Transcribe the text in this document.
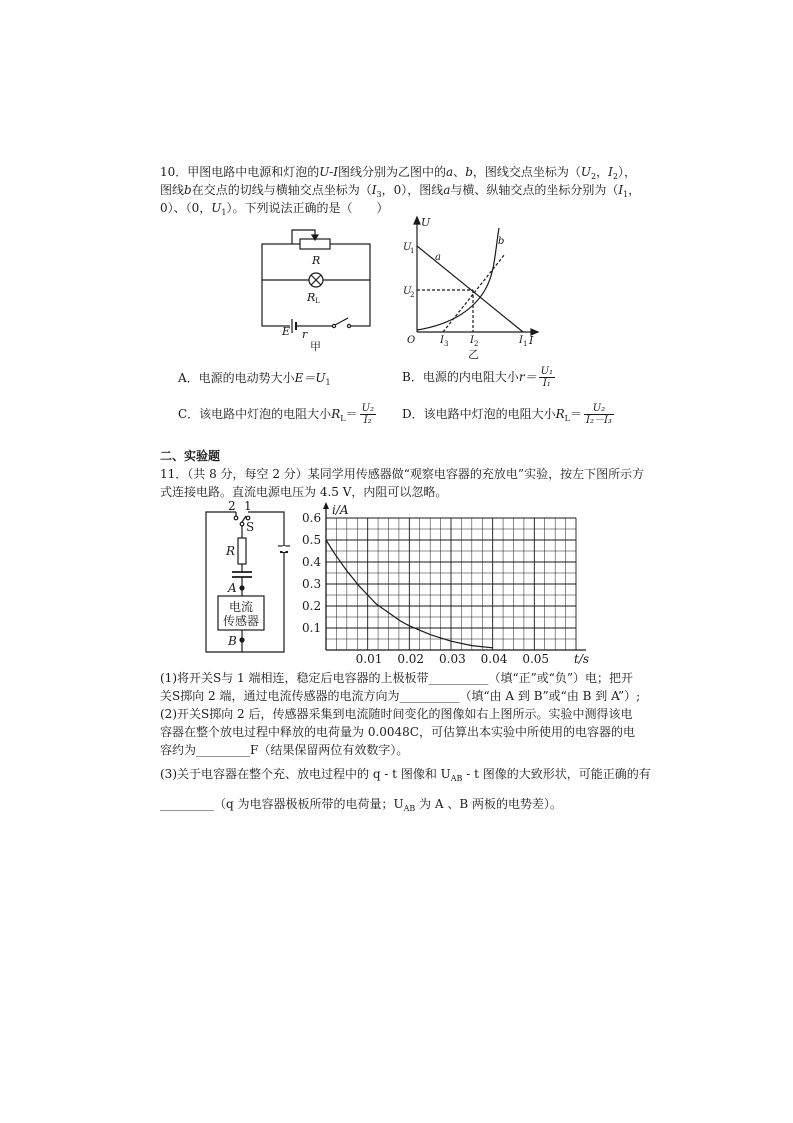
10．甲图电路中电源和灯泡的U-I图线分别为乙图中的a、b，图线交点坐标为（$U_2$，$I_2$），
图线b在交点的切线与横轴交点坐标为（$I_3$，0），图线a与横、纵轴交点的坐标分别为（$I_1$，
0）、（0，$U_1$）。下列说法正确的是（　　）
R
R L
E r
甲
U
U
1
U
2
a
b
O I 3 I 2	I 1 I
乙
A．电源的电动势大小$E=U_1$	B．电源的内电阻大小$r= \frac{\text{U₁}}{\text{I₁}}$
C．该电路中灯泡的电阻大小$R_L= \frac{\text{U₂}}{\text{I₂}}$ D．该电路中灯泡的电阻大小$R_L= \frac{\text{U₂}}{\text{I₂－I₃}}$
二、实验题
11．（共 8 分，每空 2 分）某同学用传感器做“观察电容器的充放电”实验，按左下图所示方
式连接电路。直流电源电压为 4.5 V，内阻可以忽略。
2 1
S
R
A
B
电流
传感器	0.1
0.2
0.3
0.4
0.5
0.6
0.01 0.02 0.03 0.04 0.05
i/A
t/s
(1)将开关S与 1 端相连，稳定后电容器的上极板带__________（填“正”或“负”）电；把开
关S掷向 2 端，通过电流传感器的电流方向为__________（填“由 A 到 B”或“由 B 到 A”）;
(2)开关S掷向 2 后，传感器采集到电流随时间变化的图像如右上图所示。实验中测得该电
容器在整个放电过程中释放的电荷量为 0.0048C，可估算出本实验中所使用的电容器的电
容约为_________F（结果保留两位有效数字）。
(3)关于电容器在整个充、放电过程中的 q - t 图像和 $U_{AB}$ - t 图像的大致形状，可能正确的有
_________（q 为电容器极板所带的电荷量；$U_{AB}$ 为 A 、B 两板的电势差）。
